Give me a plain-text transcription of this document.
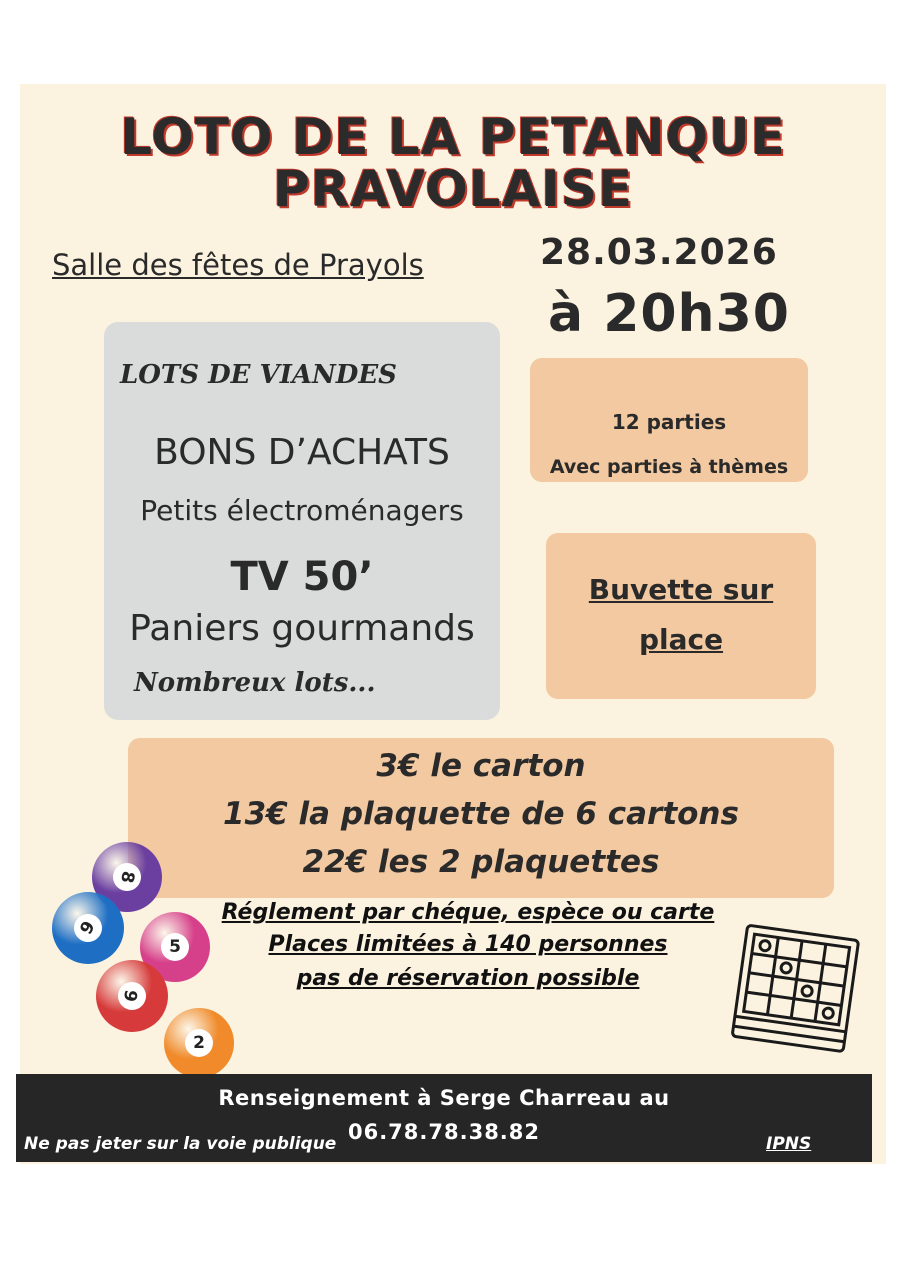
LOTO DE LA PETANQUE
PRAVOLAISE
Salle des fêtes de Prayols	28.03.2026
à 20h30
LOTS DE VIANDES
BONS D’ACHATS
Petits électroménagers
TV 50’
Paniers gourmands
Nombreux lots...
12 parties
Avec parties à thèmes
Buvette sur
place
3€ le carton
13€ la plaquette de 6 cartons
22€ les 2 plaquettes
Réglement par chéque, espèce ou carte
Places limitées à 140 personnes
pas de réservation possible
8
9
5
6
2
Renseignement à Serge Charreau au
06.78.78.38.82
Ne pas jeter sur la voie publique	IPNS
